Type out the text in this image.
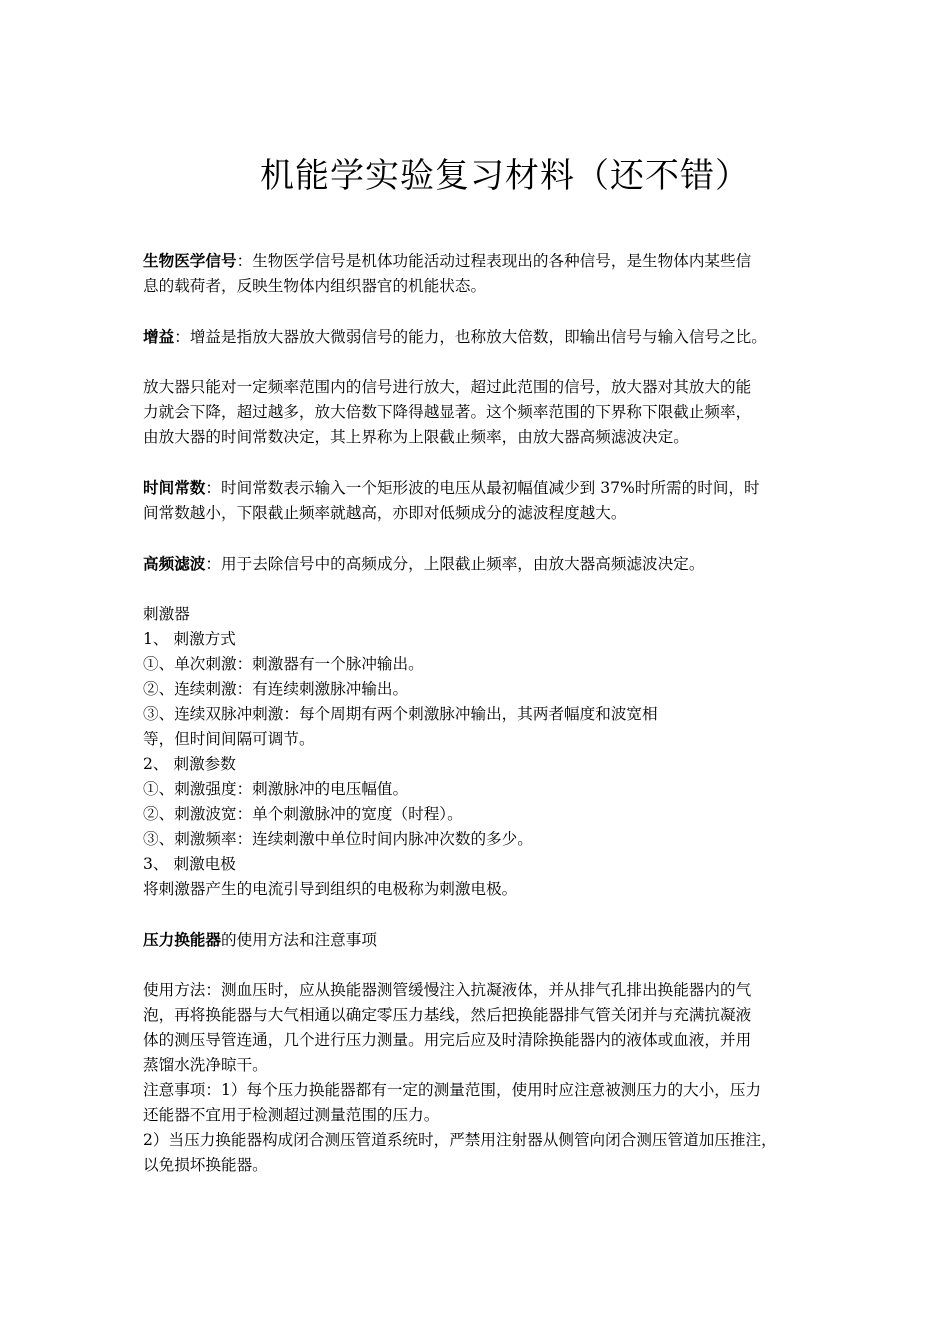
机能学实验复习材料（还不错）
生物医学信号：生物医学信号是机体功能活动过程表现出的各种信号，是生物体内某些信
息的载荷者，反映生物体内组织器官的机能状态。
增益：增益是指放大器放大微弱信号的能力，也称放大倍数，即输出信号与输入信号之比。
放大器只能对一定频率范围内的信号进行放大，超过此范围的信号，放大器对其放大的能
力就会下降，超过越多，放大倍数下降得越显著。这个频率范围的下界称下限截止频率，
由放大器的时间常数决定，其上界称为上限截止频率，由放大器高频滤波决定。
时间常数：时间常数表示输入一个矩形波的电压从最初幅值减少到 37%时所需的时间，时
间常数越小，下限截止频率就越高，亦即对低频成分的滤波程度越大。
高频滤波：用于去除信号中的高频成分，上限截止频率，由放大器高频滤波决定。
刺激器
1、 刺激方式
①、单次刺激：刺激器有一个脉冲输出。
②、连续刺激：有连续刺激脉冲输出。
③、连续双脉冲刺激：每个周期有两个刺激脉冲输出，其两者幅度和波宽相
等，但时间间隔可调节。
2、 刺激参数
①、刺激强度：刺激脉冲的电压幅值。
②、刺激波宽：单个刺激脉冲的宽度（时程）。
③、刺激频率：连续刺激中单位时间内脉冲次数的多少。
3、 刺激电极
将刺激器产生的电流引导到组织的电极称为刺激电极。
压力换能器的使用方法和注意事项
使用方法：测血压时，应从换能器测管缓慢注入抗凝液体，并从排气孔排出换能器内的气
泡，再将换能器与大气相通以确定零压力基线，然后把换能器排气管关闭并与充满抗凝液
体的测压导管连通，几个进行压力测量。用完后应及时清除换能器内的液体或血液，并用
蒸馏水洗净晾干。
注意事项：1）每个压力换能器都有一定的测量范围，使用时应注意被测压力的大小，压力
还能器不宜用于检测超过测量范围的压力。
2）当压力换能器构成闭合测压管道系统时，严禁用注射器从侧管向闭合测压管道加压推注，
以免损坏换能器。
